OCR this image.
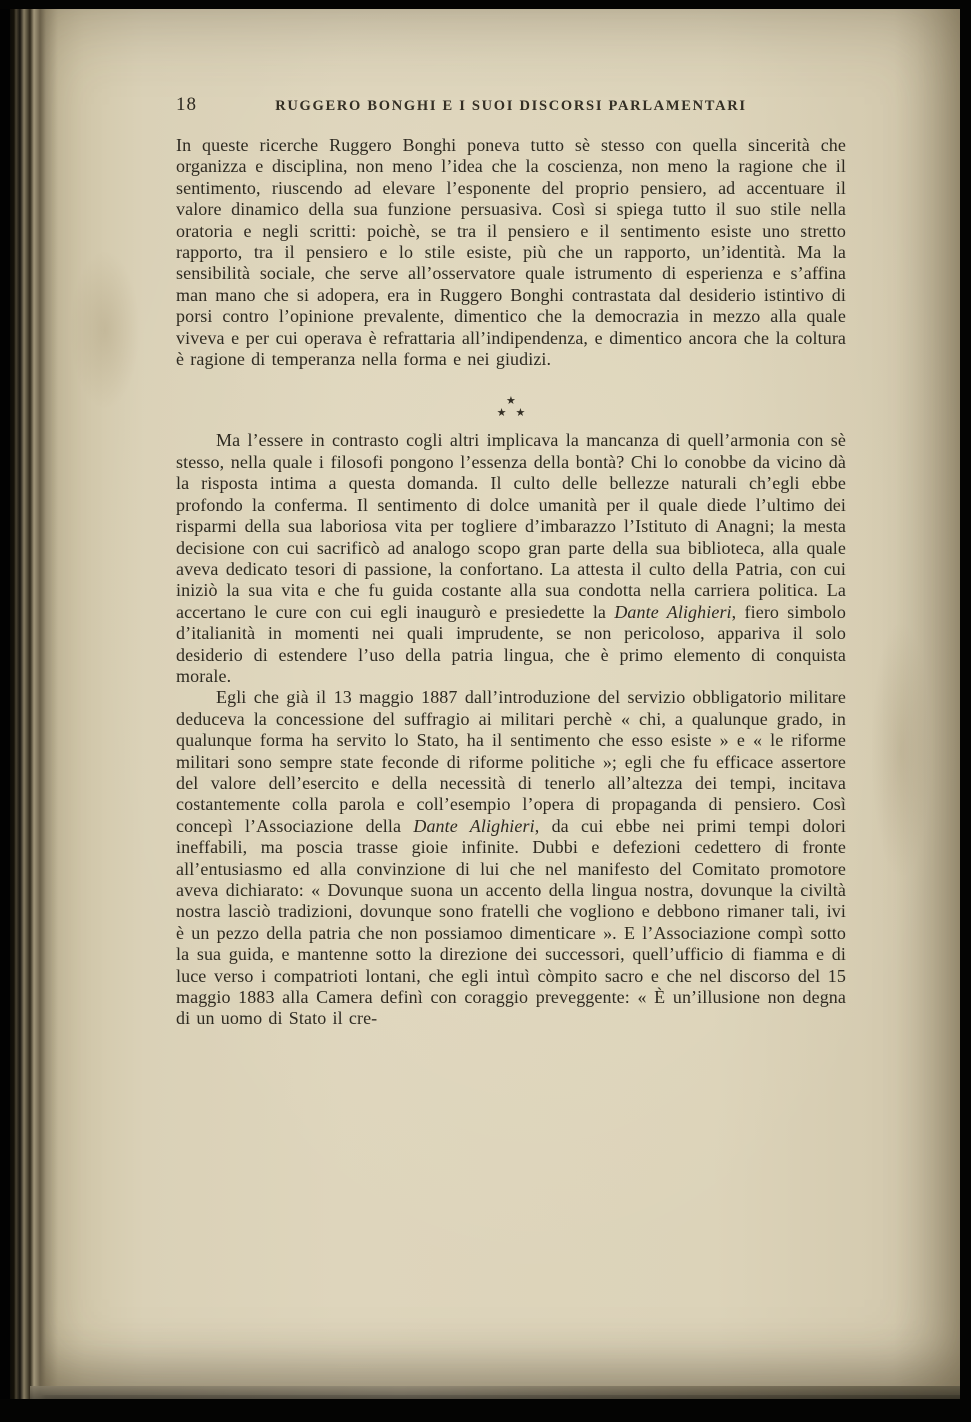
18	RUGGERO BONGHI E I SUOI DISCORSI PARLAMENTARI

In queste ricerche Ruggero Bonghi poneva tutto sè stesso con quella sincerità che organizza e disciplina, non meno l’idea che la coscienza, non meno la ragione che il sentimento, riuscendo ad elevare l’esponente del proprio pensiero, ad accentuare il valore dinamico della sua funzione persuasiva. Così si spiega tutto il suo stile nella oratoria e negli scritti: poichè, se tra il pensiero e il sentimento esiste uno stretto rapporto, tra il pensiero e lo stile esiste, più che un rapporto, un’identità. Ma la sensibilità sociale, che serve all’osservatore quale istrumento di esperienza e s’affina man mano che si adopera, era in Ruggero Bonghi contrastata dal desiderio istintivo di porsi contro l’opinione prevalente, dimentico che la democrazia in mezzo alla quale viveva e per cui operava è refrattaria all’indipendenza, e dimentico ancora che la coltura è ragione di temperanza nella forma e nei giudizi.

★
★★

Ma l’essere in contrasto cogli altri implicava la mancanza di quell’armonia con sè stesso, nella quale i filosofi pongono l’essenza della bontà? Chi lo conobbe da vicino dà la risposta intima a questa domanda. Il culto delle bellezze naturali ch’egli ebbe profondo la conferma. Il sentimento di dolce umanità per il quale diede l’ultimo dei risparmi della sua laboriosa vita per togliere d’imbarazzo l’Istituto di Anagni; la mesta decisione con cui sacrificò ad analogo scopo gran parte della sua biblioteca, alla quale aveva dedicato tesori di passione, la confortano. La attesta il culto della Patria, con cui iniziò la sua vita e che fu guida costante alla sua condotta nella carriera politica. La accertano le cure con cui egli inaugurò e presiedette la Dante Alighieri, fiero simbolo d’italianità in momenti nei quali imprudente, se non pericoloso, appariva il solo desiderio di estendere l’uso della patria lingua, che è primo elemento di conquista morale.

Egli che già il 13 maggio 1887 dall’introduzione del servizio obbligatorio militare deduceva la concessione del suffragio ai militari perchè « chi, a qualunque grado, in qualunque forma ha servito lo Stato, ha il sentimento che esso esiste » e « le riforme militari sono sempre state feconde di riforme politiche »; egli che fu efficace assertore del valore dell’esercito e della necessità di tenerlo all’altezza dei tempi, incitava costantemente colla parola e coll’esempio l’opera di propaganda di pensiero. Così concepì l’Associazione della Dante Alighieri, da cui ebbe nei primi tempi dolori ineffabili, ma poscia trasse gioie infinite. Dubbi e defezioni cedettero di fronte all’entusiasmo ed alla convinzione di lui che nel manifesto del Comitato promotore aveva dichiarato: « Dovunque suona un accento della lingua nostra, dovunque la civiltà nostra lasciò tradizioni, dovunque sono fratelli che vogliono e debbono rimaner tali, ivi è un pezzo della patria che non possiamoo dimenticare ». E l’Associazione compì sotto la sua guida, e mantenne sotto la direzione dei successori, quell’ufficio di fiamma e di luce verso i compatrioti lontani, che egli intuì còmpito sacro e che nel discorso del 15 maggio 1883 alla Camera definì con coraggio preveggente: « È un’illusione non degna di un uomo di Stato il cre-
